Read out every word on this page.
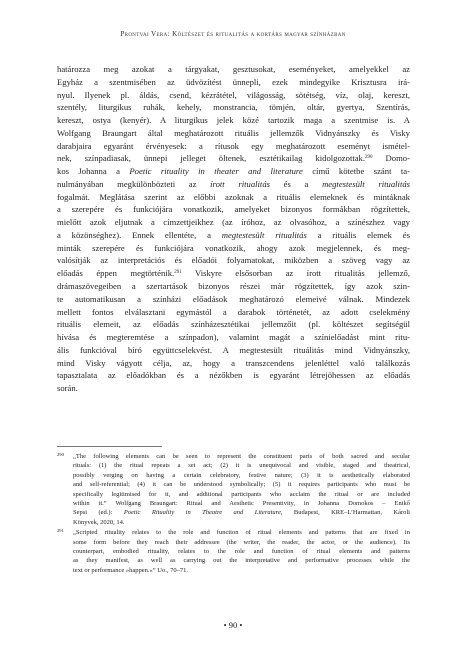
Prontvai Vera: Költészet és ritualitás a kortárs magyar színházban
határozza meg azokat a tárgyakat, gesztusokat, eseményeket, amelyekkel az
Egyház a szentmisében az üdvözítést ünnepli, ezek mindegyike Krisztusra irá-
nyul. Ilyenek pl. áldás, csend, kézrátétel, világosság, sötétség, víz, olaj, kereszt,
szentély, liturgikus ruhák, kehely, monstrancia, tömjén, oltár, gyertya, Szentírás,
kereszt, ostya (kenyér). A liturgikus jelek közé tartozik maga a szentmise is. A
Wolfgang Braungart által meghatározott rituális jellemzők Vidnyánszky és Visky
darabjaira egyaránt érvényesek: a rítusok egy meghatározott eseményt ismétel-
nek, színpadiasak, ünnepi jelleget öltenek, esztétikailag kidolgozottak.$^{290}$ Domo-
kos Johanna a Poetic rituality in theater and literature című kötetbe szánt ta-
nulmányában megkülönbözteti az írott ritualitás és a megtestesült ritualitás
fogalmát. Meglátása szerint az előbbi azoknak a rituális elemeknek és mintáknak
a szerepére és funkciójára vonatkozik, amelyeket bizonyos formákban rögzítettek,
mielőtt azok eljutnak a címzettjeikhez (az íróhoz, az olvasóhoz, a színészhez vagy
a közönséghez). Ennek ellentéte, a megtestesült ritualitás a rituális elemek és
minták szerepére és funkciójára vonatkozik, ahogy azok megjelennek, és meg-
valósítják az interpretációs és előadói folyamatokat, miközben a szöveg vagy az
előadás éppen megtörténik.$^{291}$ Viskyre elsősorban az írott ritualitás jellemző,
drámaszövegeiben a szertartások bizonyos részei már rögzítettek, így azok szin-
te automatikusan a színházi előadások meghatározó elemeivé válnak. Mindezek
mellett fontos elválasztani egymástól a darabok történetét, az adott cselekmény
rituális elemeit, az előadás színházesztétikai jellemzőit (pl. költészet segítségül
hívása és megteremtése a színpadon), valamint magát a színielőadást mint ritu-
ális funkcióval bíró együttcselekvést. A megtestesült rituálitás mind Vidnyánszky,
mind Visky vágyott célja, az, hogy a transzcendens jelenléttel való találkozás
tapasztalata az előadókban és a nézőkben is egyaránt létrejöhessen az előadás
során.
290 „The following elements can be seen to represent the constituent parts of both sacred and secular
rituals: (1) the ritual repeats a set act; (2) it is unequivocal and visible, staged and theatrical,
possibly verging on having a certain celebratory, festive nature; (3) it is aesthetically elaborated
and self-referential; (4) it can be understood symbolically; (5) it requires participants who must be
specifically legitimised for it, and additional participants who acclaim the ritual or are included
within it.” Wolfgang Braungart: Ritual and Aesthetic Presentivity, in Johanna Domokos – Enikő
Sepsi (ed.): Poetic Rituality in Theatre and Literature, Budapest, KRE–L’Harmattan, Károli
Könyvek, 2020, 14.
291 „Scripted rituality relates to the role and function of ritual elements and patterns that are fixed in
some form before they reach their addressee (the writer, the reader, the actor, or the audience). Its
counterpart, embodied rituality, relates to the role and function of ritual elements and patterns
as they manifest, as well as carrying out the interpretative and performative processes while the
text or performance »happen.«” Uo., 70–71.
• 90 •
